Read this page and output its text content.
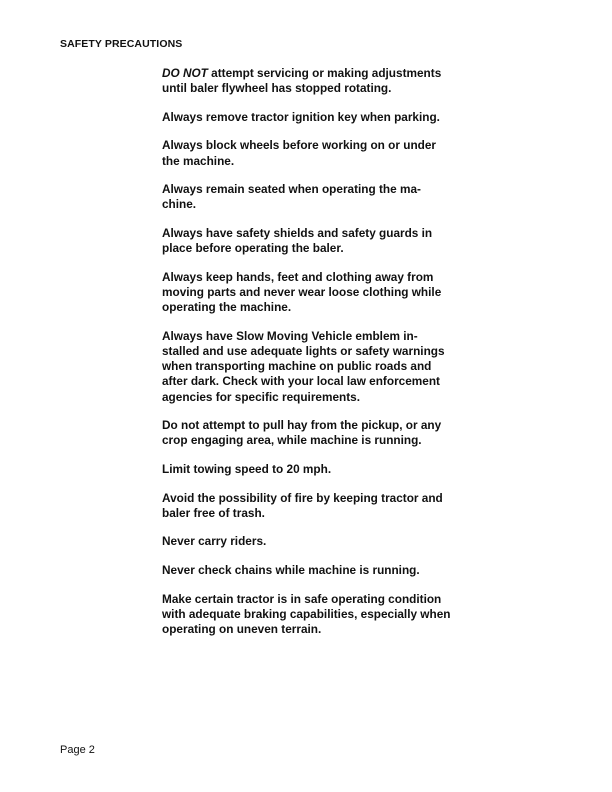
SAFETY PRECAUTIONS

DO NOT attempt servicing or making adjustments until baler flywheel has stopped rotating.

Always remove tractor ignition key when parking.

Always block wheels before working on or under the machine.

Always remain seated when operating the ma-chine.

Always have safety shields and safety guards in place before operating the baler.

Always keep hands, feet and clothing away from moving parts and never wear loose clothing while operating the machine.

Always have Slow Moving Vehicle emblem in-stalled and use adequate lights or safety warnings when transporting machine on public roads and after dark. Check with your local law enforcement agencies for specific requirements.

Do not attempt to pull hay from the pickup, or any crop engaging area, while machine is running.

Limit towing speed to 20 mph.

Avoid the possibility of fire by keeping tractor and baler free of trash.

Never carry riders.

Never check chains while machine is running.

Make certain tractor is in safe operating condition with adequate braking capabilities, especially when operating on uneven terrain.

Page 2
